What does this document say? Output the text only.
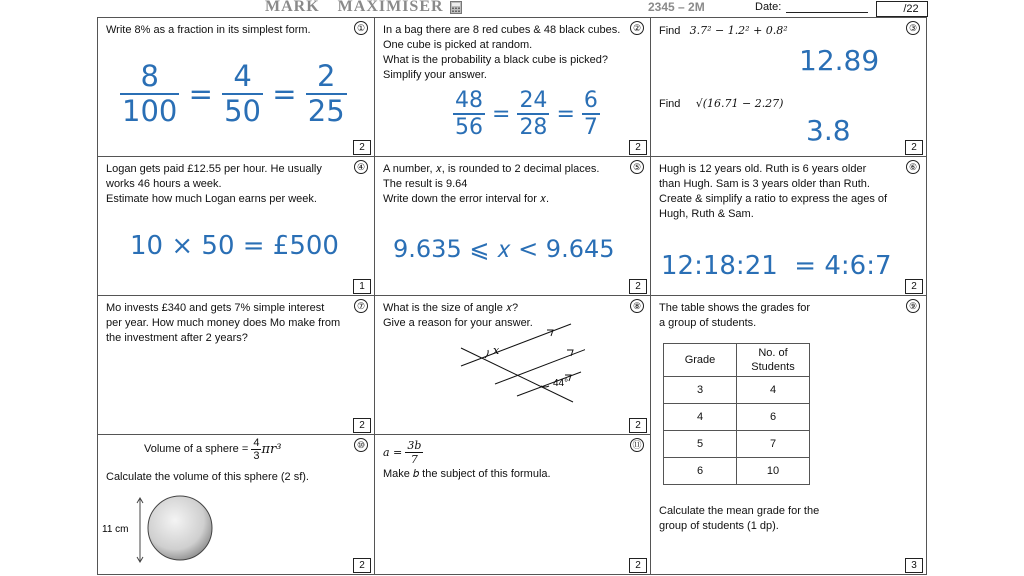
MARK MAXIMISER	2345 – 2M	Date:	/22
Write 8% as a fraction in its simplest form.	①
$\frac{8}{100} = \frac{4}{50} = \frac{2}{25}$
2
In a bag there are 8 red cubes & 48 black cubes.
One cube is picked at random.
What is the probability a black cube is picked?
Simplify your answer.
②
$\frac{48}{56} = \frac{24}{28} = \frac{6}{7}$
2
Find 3.7² − 1.2² + 0.8²	③
12.89
Find √(16.71 − 2.27)
3.8
2
Logan gets paid £12.55 per hour. He usually
works 46 hours a week.
Estimate how much Logan earns per week.
④
10 × 50 = £500
1
A number, 𝑥, is rounded to 2 decimal places.
The result is 9.64
Write down the error interval for 𝑥.
⑤
9.635 ⩽ 𝑥 < 9.645
2
Hugh is 12 years old. Ruth is 6 years older
than Hugh. Sam is 3 years older than Ruth.
Create & simplify a ratio to express the ages of
Hugh, Ruth & Sam.
⑥
12:18:21  = 4:6:7
2
Mo invests £340 and gets 7% simple interest
per year. How much money does Mo make from
the investment after 2 years?
⑦
2
What is the size of angle 𝑥?
Give a reason for your answer.
⑧
𝑥
44°
2
The table shows the grades for
a group of students.
⑨
Grade	No. of Students
3	4
4	6
5	7
6	10
Calculate the mean grade for the
group of students (1 dp).
3
Volume of a sphere = $\frac{4}{3}$ 𝜋𝑟³	⑩
Calculate the volume of this sphere (2 sf).
11 cm
2
𝑎 = $\frac{\text{3𝑏}}{7}$	⑪
Make 𝑏 the subject of this formula.
2
